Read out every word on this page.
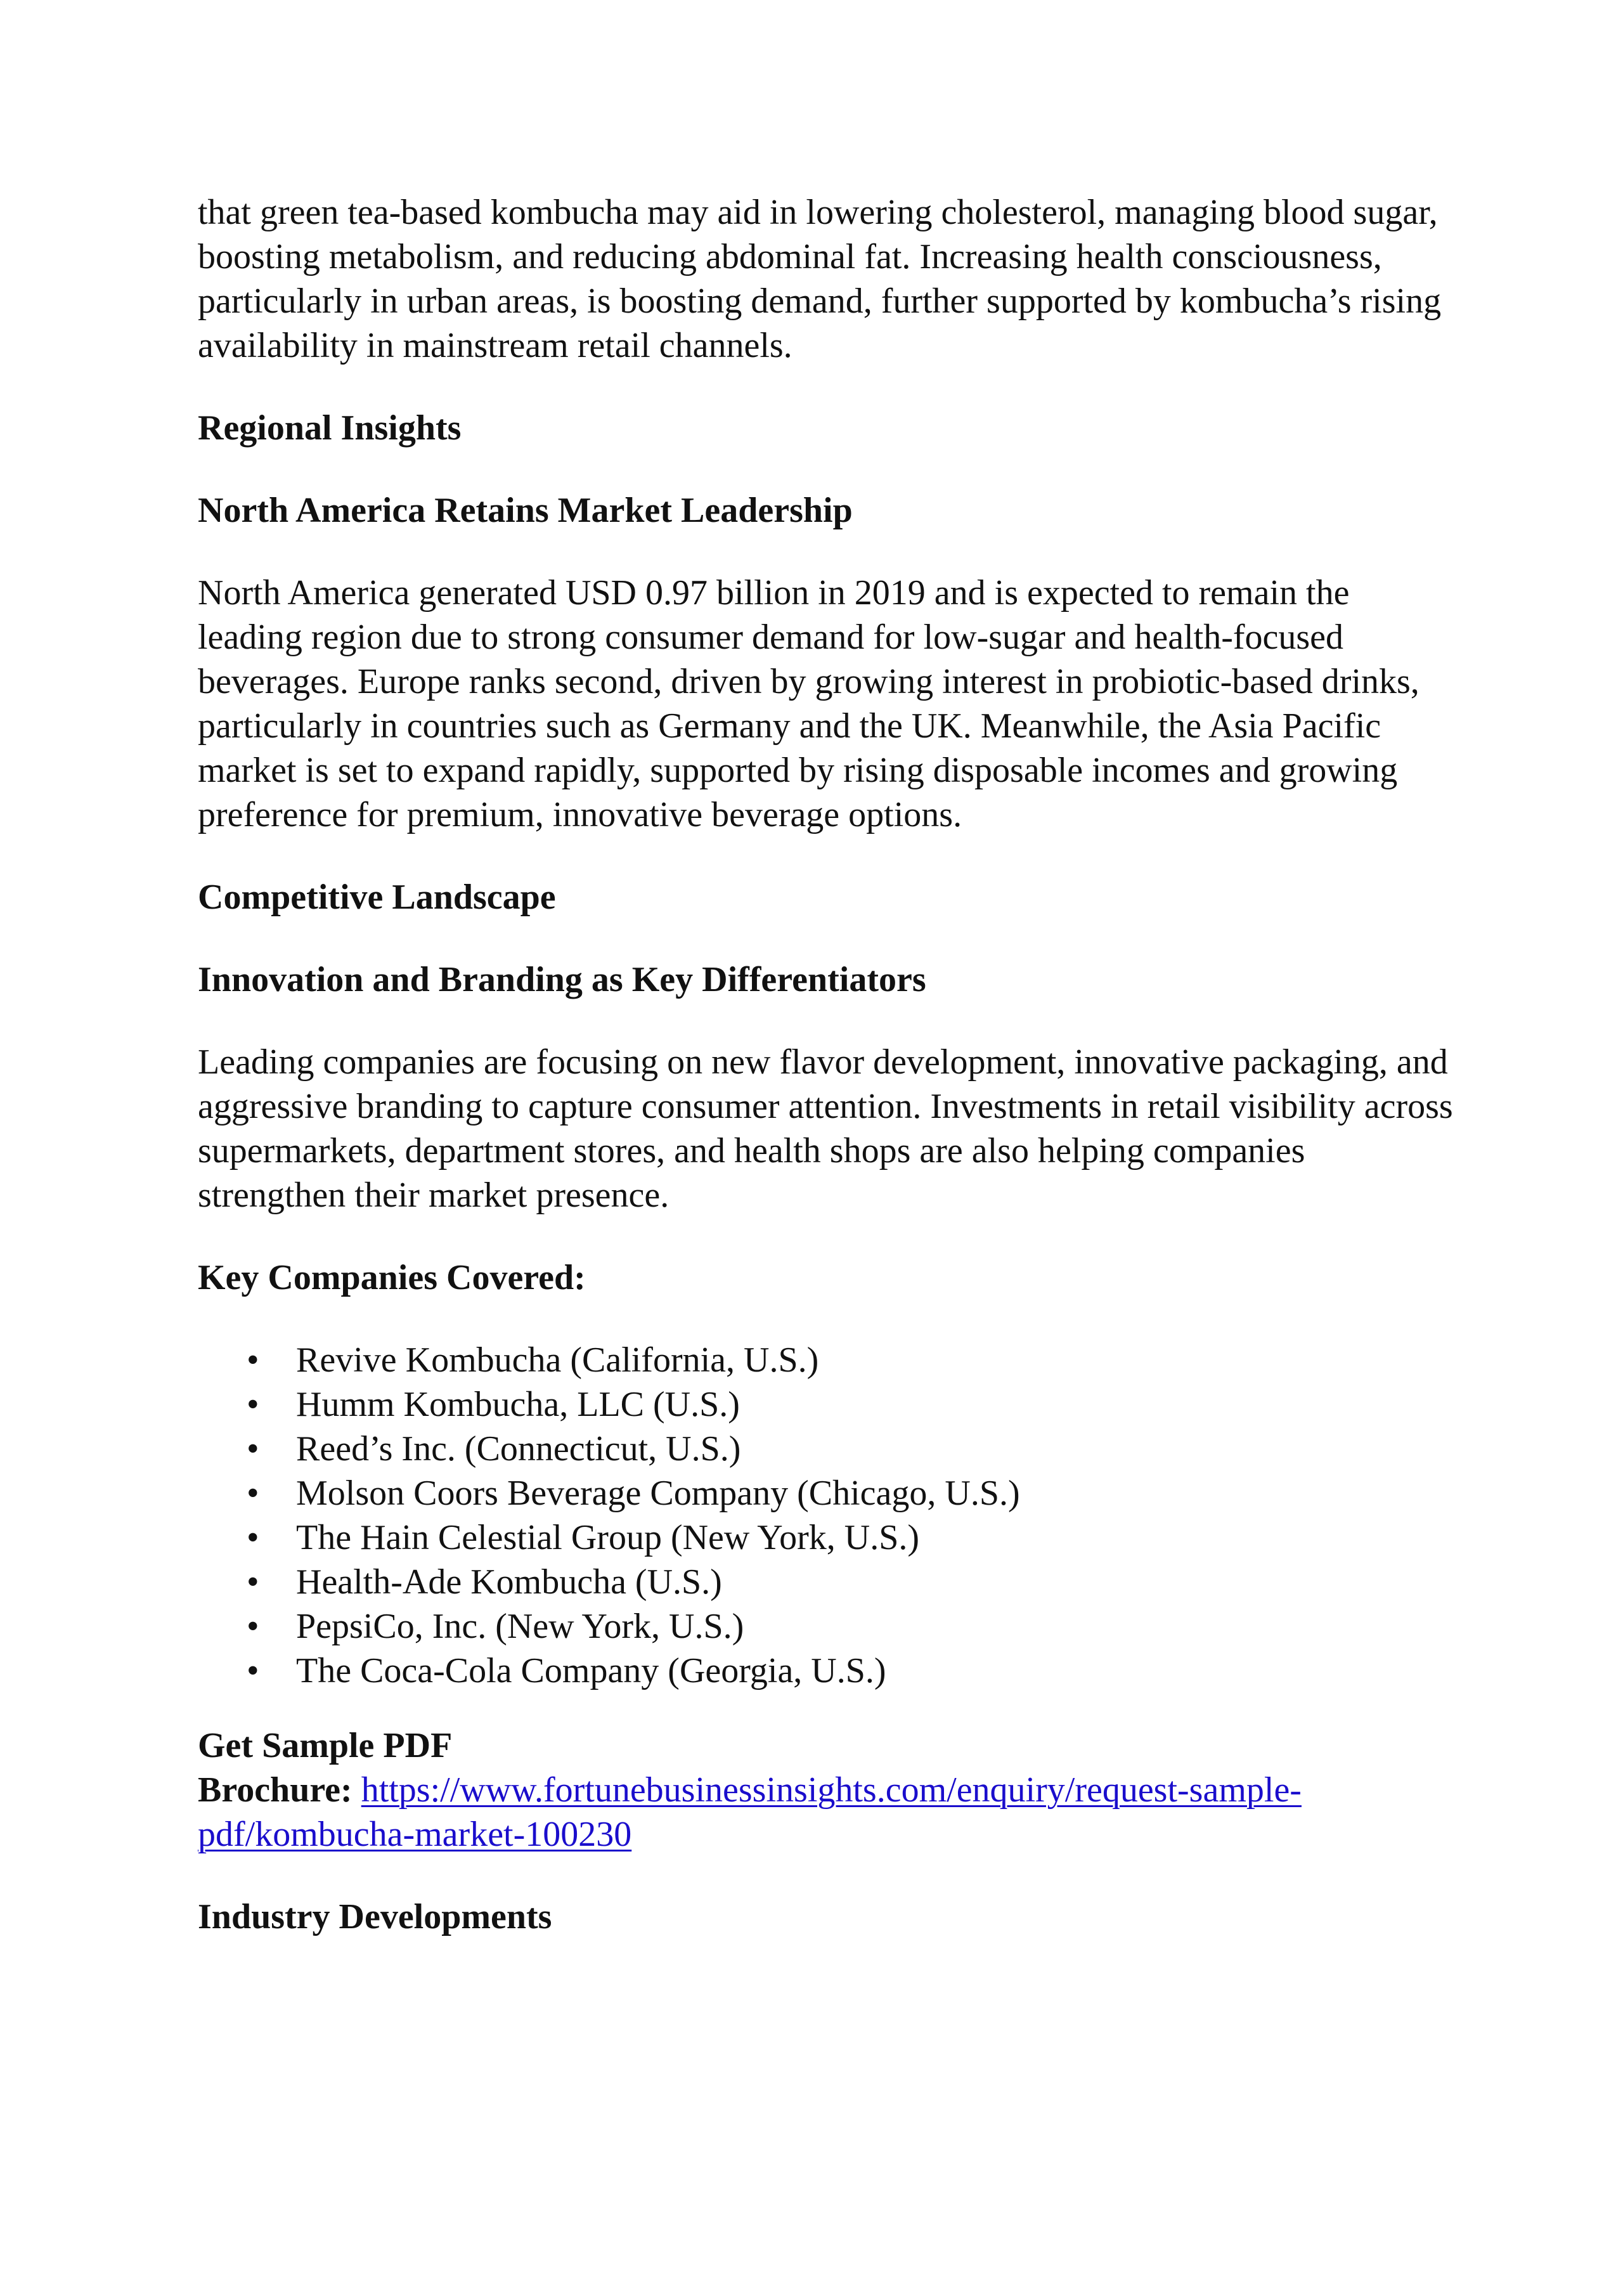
that green tea-based kombucha may aid in lowering cholesterol, managing blood sugar, boosting metabolism, and reducing abdominal fat. Increasing health consciousness, particularly in urban areas, is boosting demand, further supported by kombucha’s rising availability in mainstream retail channels.

Regional Insights
North America Retains Market Leadership

North America generated USD 0.97 billion in 2019 and is expected to remain the leading region due to strong consumer demand for low-sugar and health-focused beverages. Europe ranks second, driven by growing interest in probiotic-based drinks, particularly in countries such as Germany and the UK. Meanwhile, the Asia Pacific market is set to expand rapidly, supported by rising disposable incomes and growing preference for premium, innovative beverage options.

Competitive Landscape
Innovation and Branding as Key Differentiators

Leading companies are focusing on new flavor development, innovative packaging, and aggressive branding to capture consumer attention. Investments in retail visibility across supermarkets, department stores, and health shops are also helping companies strengthen their market presence.

Key Companies Covered:
• Revive Kombucha (California, U.S.)
• Humm Kombucha, LLC (U.S.)
• Reed’s Inc. (Connecticut, U.S.)
• Molson Coors Beverage Company (Chicago, U.S.)
• The Hain Celestial Group (New York, U.S.)
• Health-Ade Kombucha (U.S.)
• PepsiCo, Inc. (New York, U.S.)
• The Coca-Cola Company (Georgia, U.S.)
Get Sample PDF
Brochure: https://www.fortunebusinessinsights.com/enquiry/request-sample-pdf/kombucha-market-100230
Industry Developments
